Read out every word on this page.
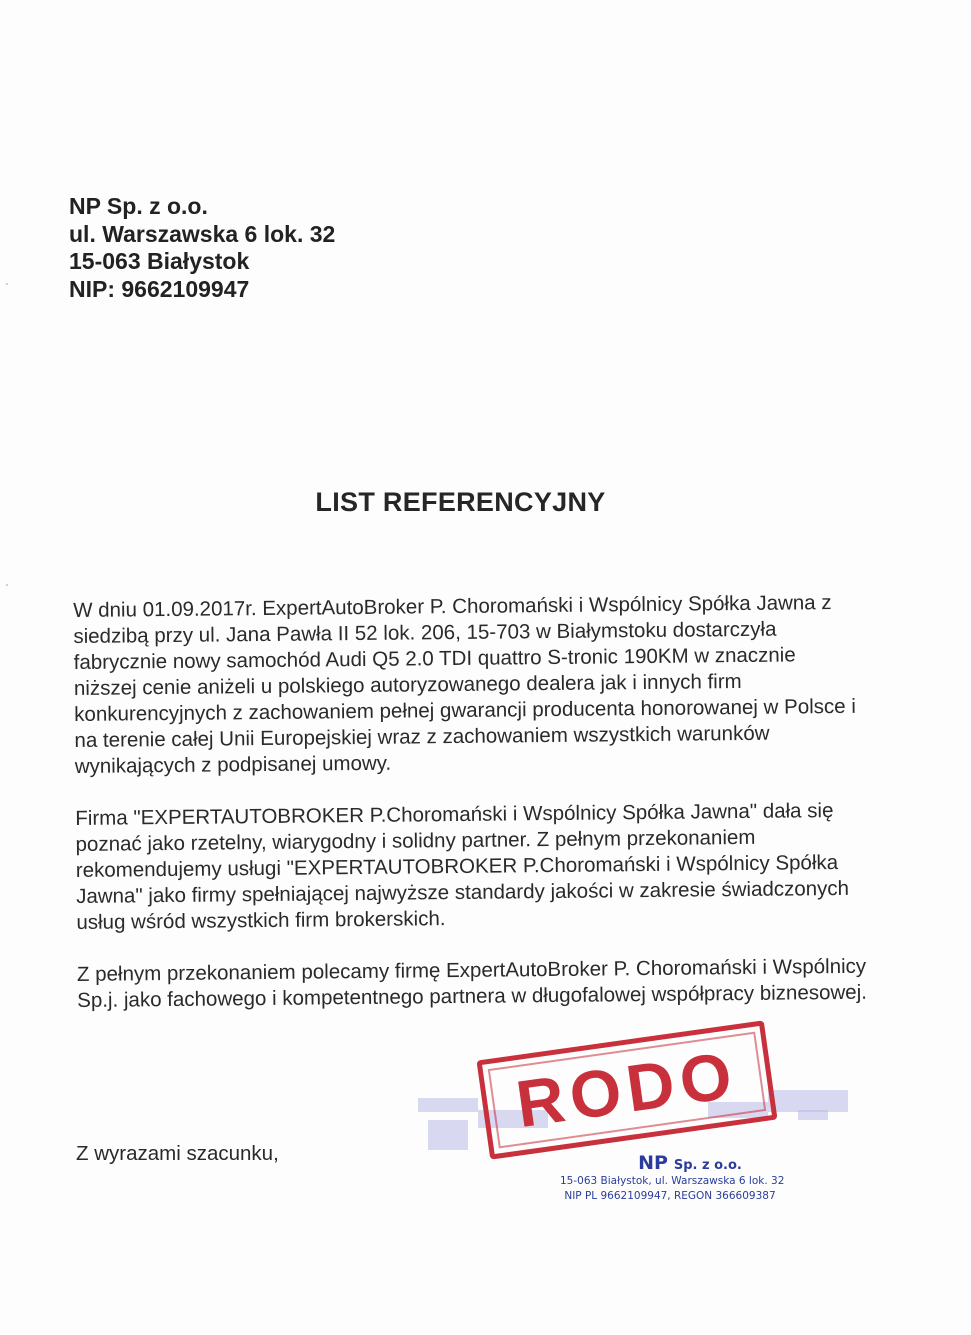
NP Sp. z o.o.
ul. Warszawska 6 lok. 32
15-063 Białystok
NIP: 9662109947
LIST REFERENCYJNY

W dniu 01.09.2017r. ExpertAutoBroker P. Choromański i Wspólnicy Spółka Jawna z siedzibą przy ul. Jana Pawła II 52 lok. 206, 15-703 w Białymstoku dostarczyła fabrycznie nowy samochód Audi Q5 2.0 TDI quattro S-tronic 190KM w znacznie niższej cenie aniżeli u polskiego autoryzowanego dealera jak i innych firm konkurencyjnych z zachowaniem pełnej gwarancji producenta honorowanej w Polsce i na terenie całej Unii Europejskiej wraz z zachowaniem wszystkich warunków wynikających z podpisanej umowy.

Firma "EXPERTAUTOBROKER P.Choromański i Wspólnicy Spółka Jawna" dała się poznać jako rzetelny, wiarygodny i solidny partner. Z pełnym przekonaniem rekomendujemy usługi "EXPERTAUTOBROKER P.Choromański i Wspólnicy Spółka Jawna" jako firmy spełniającej najwyższe standardy jakości w zakresie świadczonych usług wśród wszystkich firm brokerskich.

Z pełnym przekonaniem polecamy firmę ExpertAutoBroker P. Choromański i Wspólnicy Sp.j. jako fachowego i kompetentnego partnera w długofalowej współpracy biznesowej.

Z wyrazami szacunku,
RODO
NP Sp. z o.o.
15-063 Białystok, ul. Warszawska 6 lok. 32
NIP PL 9662109947, REGON 366609387
